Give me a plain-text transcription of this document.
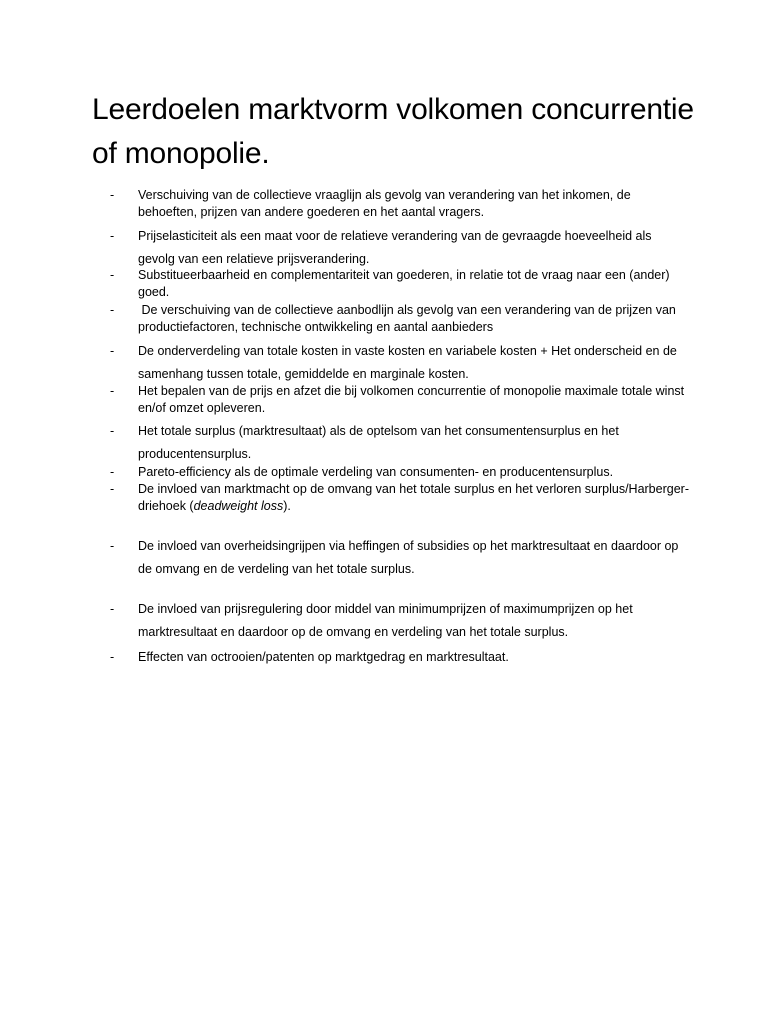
Leerdoelen marktvorm volkomen concurrentie of monopolie.
-	Verschuiving van de collectieve vraaglijn als gevolg van verandering van het inkomen, de behoeften, prijzen van andere goederen en het aantal vragers.
-	Prijselasticiteit als een maat voor de relatieve verandering van de gevraagde hoeveelheid als gevolg van een relatieve prijsverandering.
-	Substitueerbaarheid en complementariteit van goederen, in relatie tot de vraag naar een (ander) goed.
-	De verschuiving van de collectieve aanbodlijn als gevolg van een verandering van de prijzen van productiefactoren, technische ontwikkeling en aantal aanbieders
-	De onderverdeling van totale kosten in vaste kosten en variabele kosten + Het onderscheid en de samenhang tussen totale, gemiddelde en marginale kosten.
-	Het bepalen van de prijs en afzet die bij volkomen concurrentie of monopolie maximale totale winst en/of omzet opleveren.
-	Het totale surplus (marktresultaat) als de optelsom van het consumentensurplus en het producentensurplus.
-	Pareto-efficiency als de optimale verdeling van consumenten- en producentensurplus.
-	De invloed van marktmacht op de omvang van het totale surplus en het verloren surplus/Harberger-driehoek (deadweight loss).
-	De invloed van overheidsingrijpen via heffingen of subsidies op het marktresultaat en daardoor op de omvang en de verdeling van het totale surplus.
-	De invloed van prijsregulering door middel van minimumprijzen of maximumprijzen op het marktresultaat en daardoor op de omvang en verdeling van het totale surplus.
-	Effecten van octrooien/patenten op marktgedrag en marktresultaat.
